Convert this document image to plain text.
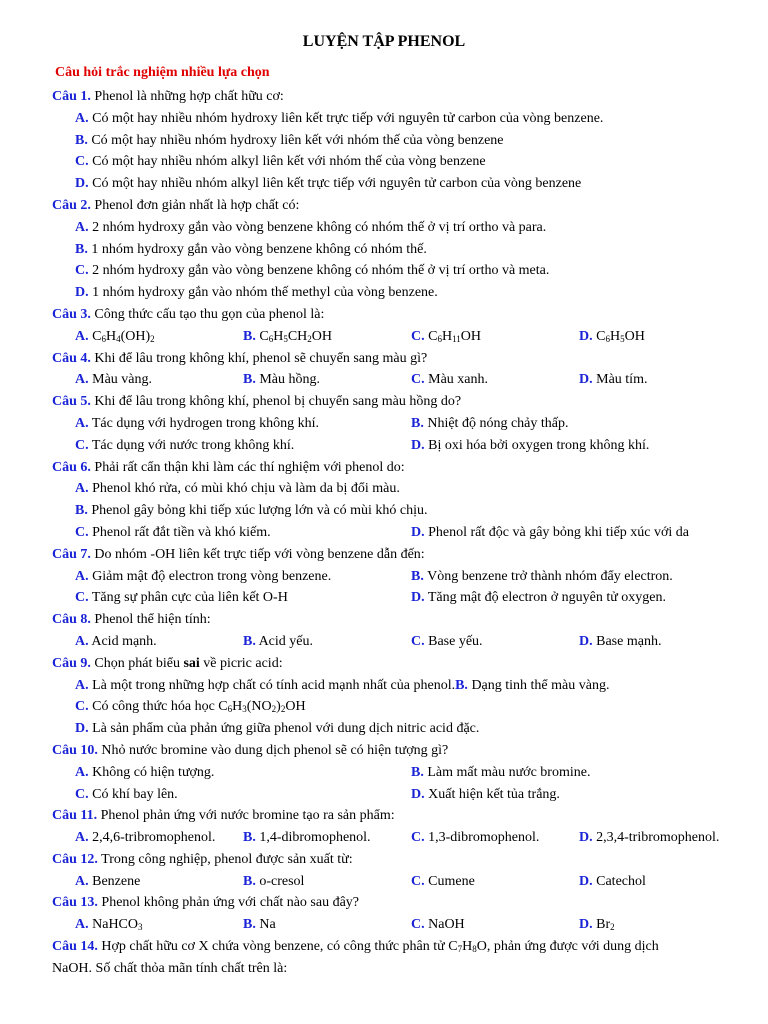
LUYỆN TẬP PHENOL
Câu hỏi trắc nghiệm nhiều lựa chọn
Câu 1. Phenol là những hợp chất hữu cơ:
A. Có một hay nhiều nhóm hydroxy liên kết trực tiếp với nguyên tử carbon của vòng benzene.
B. Có một hay nhiều nhóm hydroxy liên kết với nhóm thế của vòng benzene
C. Có một hay nhiều nhóm alkyl liên kết với nhóm thế của vòng benzene
D. Có một hay nhiều nhóm alkyl liên kết trực tiếp với nguyên tử carbon của vòng benzene
Câu 2. Phenol đơn giản nhất là hợp chất có:
A. 2 nhóm hydroxy gắn vào vòng benzene không có nhóm thế ở vị trí ortho và para.
B. 1 nhóm hydroxy gắn vào vòng benzene không có nhóm thế.
C. 2 nhóm hydroxy gắn vào vòng benzene không có nhóm thế ở vị trí ortho và meta.
D. 1 nhóm hydroxy gắn vào nhóm thế methyl của vòng benzene.
Câu 3. Công thức cấu tạo thu gọn của phenol là:
A. $C_6H_4(OH)_2$	B. $C_6H_5CH_2OH$	C. $C_6H_{11}OH$	D. $C_6H_5OH$
Câu 4. Khi để lâu trong không khí, phenol sẽ chuyển sang màu gì?
A. Màu vàng.	B. Màu hồng.	C. Màu xanh.	D. Màu tím.
Câu 5. Khi để lâu trong không khí, phenol bị chuyển sang màu hồng do?
A. Tác dụng với hydrogen trong không khí.	B. Nhiệt độ nóng chảy thấp.
C. Tác dụng với nước trong không khí.	D. Bị oxi hóa bởi oxygen trong không khí.
Câu 6. Phải rất cẩn thận khi làm các thí nghiệm với phenol do:
A. Phenol khó rửa, có mùi khó chịu và làm da bị đổi màu.
B. Phenol gây bỏng khi tiếp xúc lượng lớn và có mùi khó chịu.
C. Phenol rất đắt tiền và khó kiếm.	D. Phenol rất độc và gây bỏng khi tiếp xúc với da
Câu 7. Do nhóm -OH liên kết trực tiếp với vòng benzene dẫn đến:
A. Giảm mật độ electron trong vòng benzene.	B. Vòng benzene trở thành nhóm đẩy electron.
C. Tăng sự phân cực của liên kết O-H	D. Tăng mật độ electron ở nguyên tử oxygen.
Câu 8. Phenol thể hiện tính:
A. Acid mạnh.	B. Acid yếu.	C. Base yếu.	D. Base mạnh.
Câu 9. Chọn phát biểu sai về picric acid:
A. Là một trong những hợp chất có tính acid mạnh nhất của phenol.B. Dạng tinh thể màu vàng.
C. Có công thức hóa học $C_6H_3(NO_2)_2OH$
D. Là sản phẩm của phản ứng giữa phenol với dung dịch nitric acid đặc.
Câu 10. Nhỏ nước bromine vào dung dịch phenol sẽ có hiện tượng gì?
A. Không có hiện tượng.	B. Làm mất màu nước bromine.
C. Có khí bay lên.	D. Xuất hiện kết tủa trắng.
Câu 11. Phenol phản ứng với nước bromine tạo ra sản phẩm:
A. 2,4,6-tribromophenol. B. 1,4-dibromophenol.	C. 1,3-dibromophenol.	D. 2,3,4-tribromophenol.
Câu 12. Trong công nghiệp, phenol được sản xuất từ:
A. Benzene	B. o-cresol	C. Cumene	D. Catechol
Câu 13. Phenol không phản ứng với chất nào sau đây?
A. NaHCO$_3$	B. Na	C. NaOH	D. $Br_2$
Câu 14. Hợp chất hữu cơ X chứa vòng benzene, có công thức phân tử $C_7H_8O$, phản ứng được với dung dịch
NaOH. Số chất thỏa mãn tính chất trên là:
